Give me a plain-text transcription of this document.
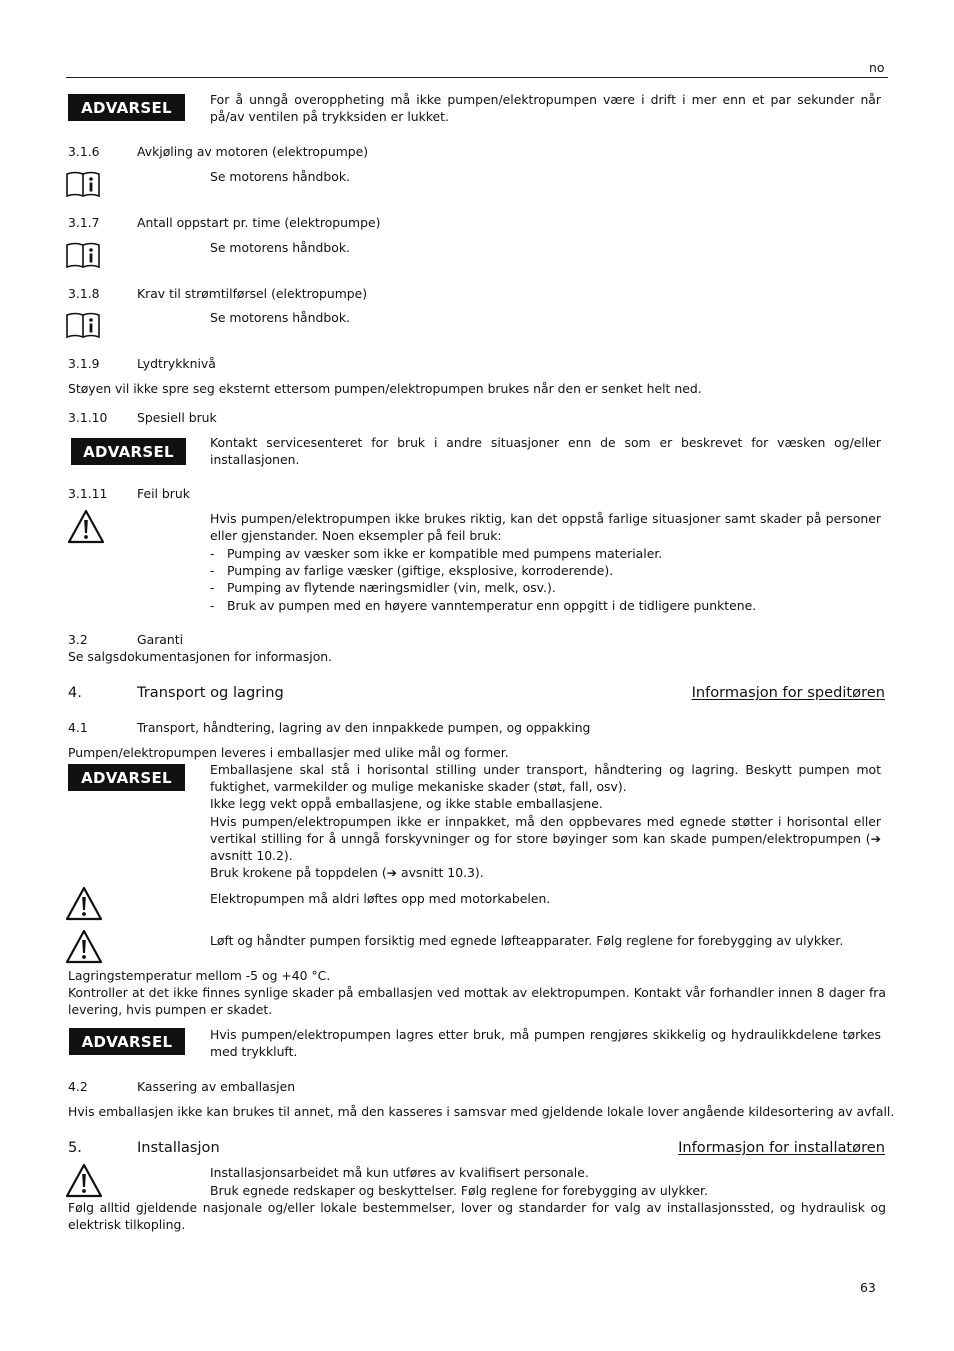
no
ADVARSEL	For å unngå overoppheting må ikke pumpen/elektropumpen være i drift i mer enn et par sekunder når på/av ventilen på trykksiden er lukket.
3.1.6	Avkjøling av motoren (elektropumpe)
Se motorens håndbok.
3.1.7	Antall oppstart pr. time (elektropumpe)
Se motorens håndbok.
3.1.8	Krav til strømtilførsel (elektropumpe)
Se motorens håndbok.
3.1.9	Lydtrykknivå
Støyen vil ikke spre seg eksternt ettersom pumpen/elektropumpen brukes når den er senket helt ned.
3.1.10 Spesiell bruk
ADVARSEL	Kontakt servicesenteret for bruk i andre situasjoner enn de som er beskrevet for væsken og/eller installasjonen.
3.1.11 Feil bruk
Hvis pumpen/elektropumpen ikke brukes riktig, kan det oppstå farlige situasjoner samt skader på personer eller gjenstander. Noen eksempler på feil bruk:
- Pumping av væsker som ikke er kompatible med pumpens materialer.
- Pumping av farlige væsker (giftige, eksplosive, korroderende).
- Pumping av flytende næringsmidler (vin, melk, osv.).
- Bruk av pumpen med en høyere vanntemperatur enn oppgitt i de tidligere punktene.
3.2	Garanti
Se salgsdokumentasjonen for informasjon.
4.	Transport og lagring	Informasjon for speditøren
4.1	Transport, håndtering, lagring av den innpakkede pumpen, og oppakking
Pumpen/elektropumpen leveres i emballasjer med ulike mål og former.
ADVARSEL	Emballasjene skal stå i horisontal stilling under transport, håndtering og lagring. Beskytt pumpen mot fuktighet, varmekilder og mulige mekaniske skader (støt, fall, osv).

Ikke legg vekt oppå emballasjene, og ikke stable emballasjene.

Hvis pumpen/elektropumpen ikke er innpakket, må den oppbevares med egnede støtter i horisontal eller vertikal stilling for å unngå forskyvninger og for store bøyinger som kan skade pumpen/elektropumpen (➔ avsnitt 10.2).

Bruk krokene på toppdelen (➔ avsnitt 10.3).

Elektropumpen må aldri løftes opp med motorkabelen.
Løft og håndter pumpen forsiktig med egnede løfteapparater. Følg reglene for forebygging av ulykker.
Lagringstemperatur mellom -5 og +40 °C.
Kontroller at det ikke finnes synlige skader på emballasjen ved mottak av elektropumpen. Kontakt vår forhandler innen 8 dager fra levering, hvis pumpen er skadet.
ADVARSEL	Hvis pumpen/elektropumpen lagres etter bruk, må pumpen rengjøres skikkelig og hydraulikkdelene tørkes med trykkluft.
4.2	Kassering av emballasjen
Hvis emballasjen ikke kan brukes til annet, må den kasseres i samsvar med gjeldende lokale lover angående kildesortering av avfall.
5.	Installasjon	Informasjon for installatøren
Installasjonsarbeidet må kun utføres av kvalifisert personale.
Bruk egnede redskaper og beskyttelser. Følg reglene for forebygging av ulykker.
Følg alltid gjeldende nasjonale og/eller lokale bestemmelser, lover og standarder for valg av installasjonssted, og hydraulisk og elektrisk tilkopling.
63
